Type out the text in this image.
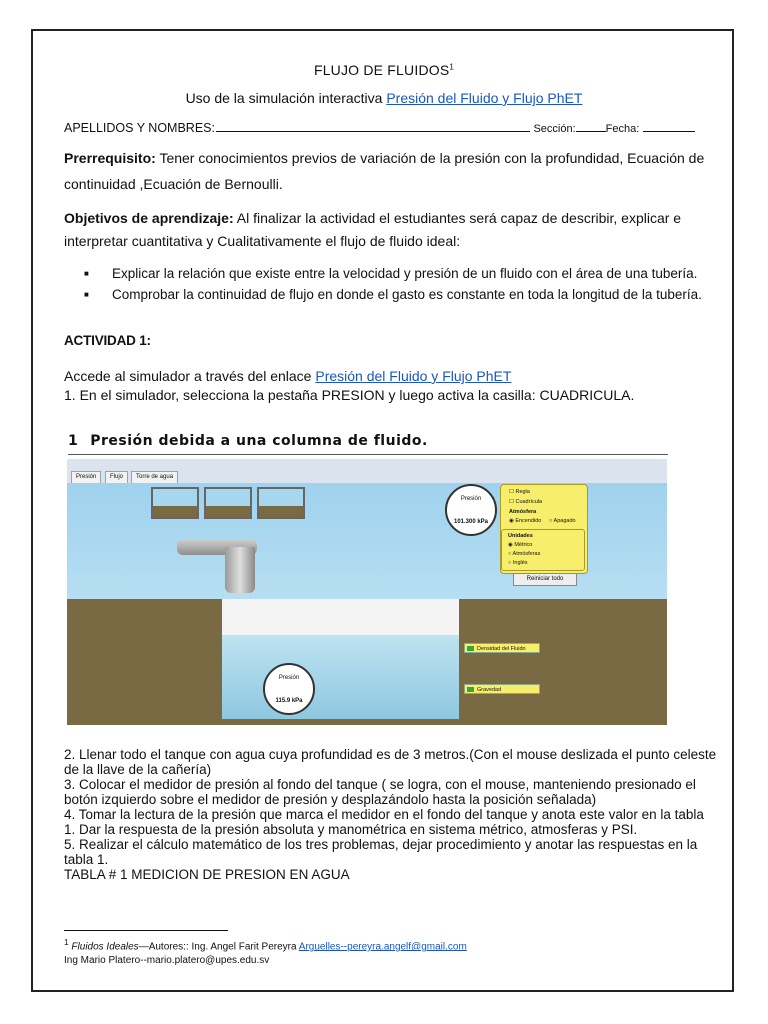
FLUJO DE FLUIDOS$^1$
Uso de la simulación interactiva Presión del Fluido y Flujo PhET
APELLIDOS Y NOMBRES:	Sección:	Fecha:
Prerrequisito: Tener conocimientos previos de variación de la presión con la profundidad, Ecuación de continuidad ,Ecuación de Bernoulli.
Objetivos de aprendizaje: Al finalizar la actividad el estudiantes será capaz de describir, explicar e interpretar cuantitativa y Cualitativamente el flujo de fluido ideal:
■ Explicar la relación que existe entre la velocidad y presión de un fluido con el área de una tubería.
■ Comprobar la continuidad de flujo en donde el gasto es constante en toda la longitud de la tubería.
ACTIVIDAD 1:
Accede al simulador a través del enlace Presión del Fluido y Flujo PhET
1. En el simulador, selecciona la pestaña PRESION y luego activa la casilla: CUADRICULA.
1 Presión debida a una columna de fluido.
Presión	Flujo	Torre de agua
Presión
101.300 kPa
Presión
115.9 kPa
☐ Regla
☐ Cuadrícula
Atmósfera
◉ Encendido ○ Apagado
Unidades
◉ Métrico
○ Atmósferas
○ Inglés
Reiniciar todo
Densidad del Fluido
Gravedad
2. Llenar todo el tanque con agua cuya profundidad es de 3 metros.(Con el mouse deslizada el punto celeste de la llave de la cañería)
3. Colocar el medidor de presión al fondo del tanque ( se logra, con el mouse, manteniendo presionado el botón izquierdo sobre el medidor de presión y desplazándolo hasta la posición señalada)
4. Tomar la lectura de la presión que marca el medidor en el fondo del tanque y anota este valor en la tabla
1. Dar la respuesta de la presión absoluta y manométrica en sistema métrico, atmosferas y PSI.
5. Realizar el cálculo matemático de los tres problemas, dejar procedimiento y anotar las respuestas en la tabla 1.
TABLA # 1 MEDICION DE PRESION EN AGUA
$^1$ Fluidos Ideales—Autores:: Ing. Angel Farit Pereyra Arguelles--pereyra.angelf@gmail.com
Ing Mario Platero--mario.platero@upes.edu.sv
